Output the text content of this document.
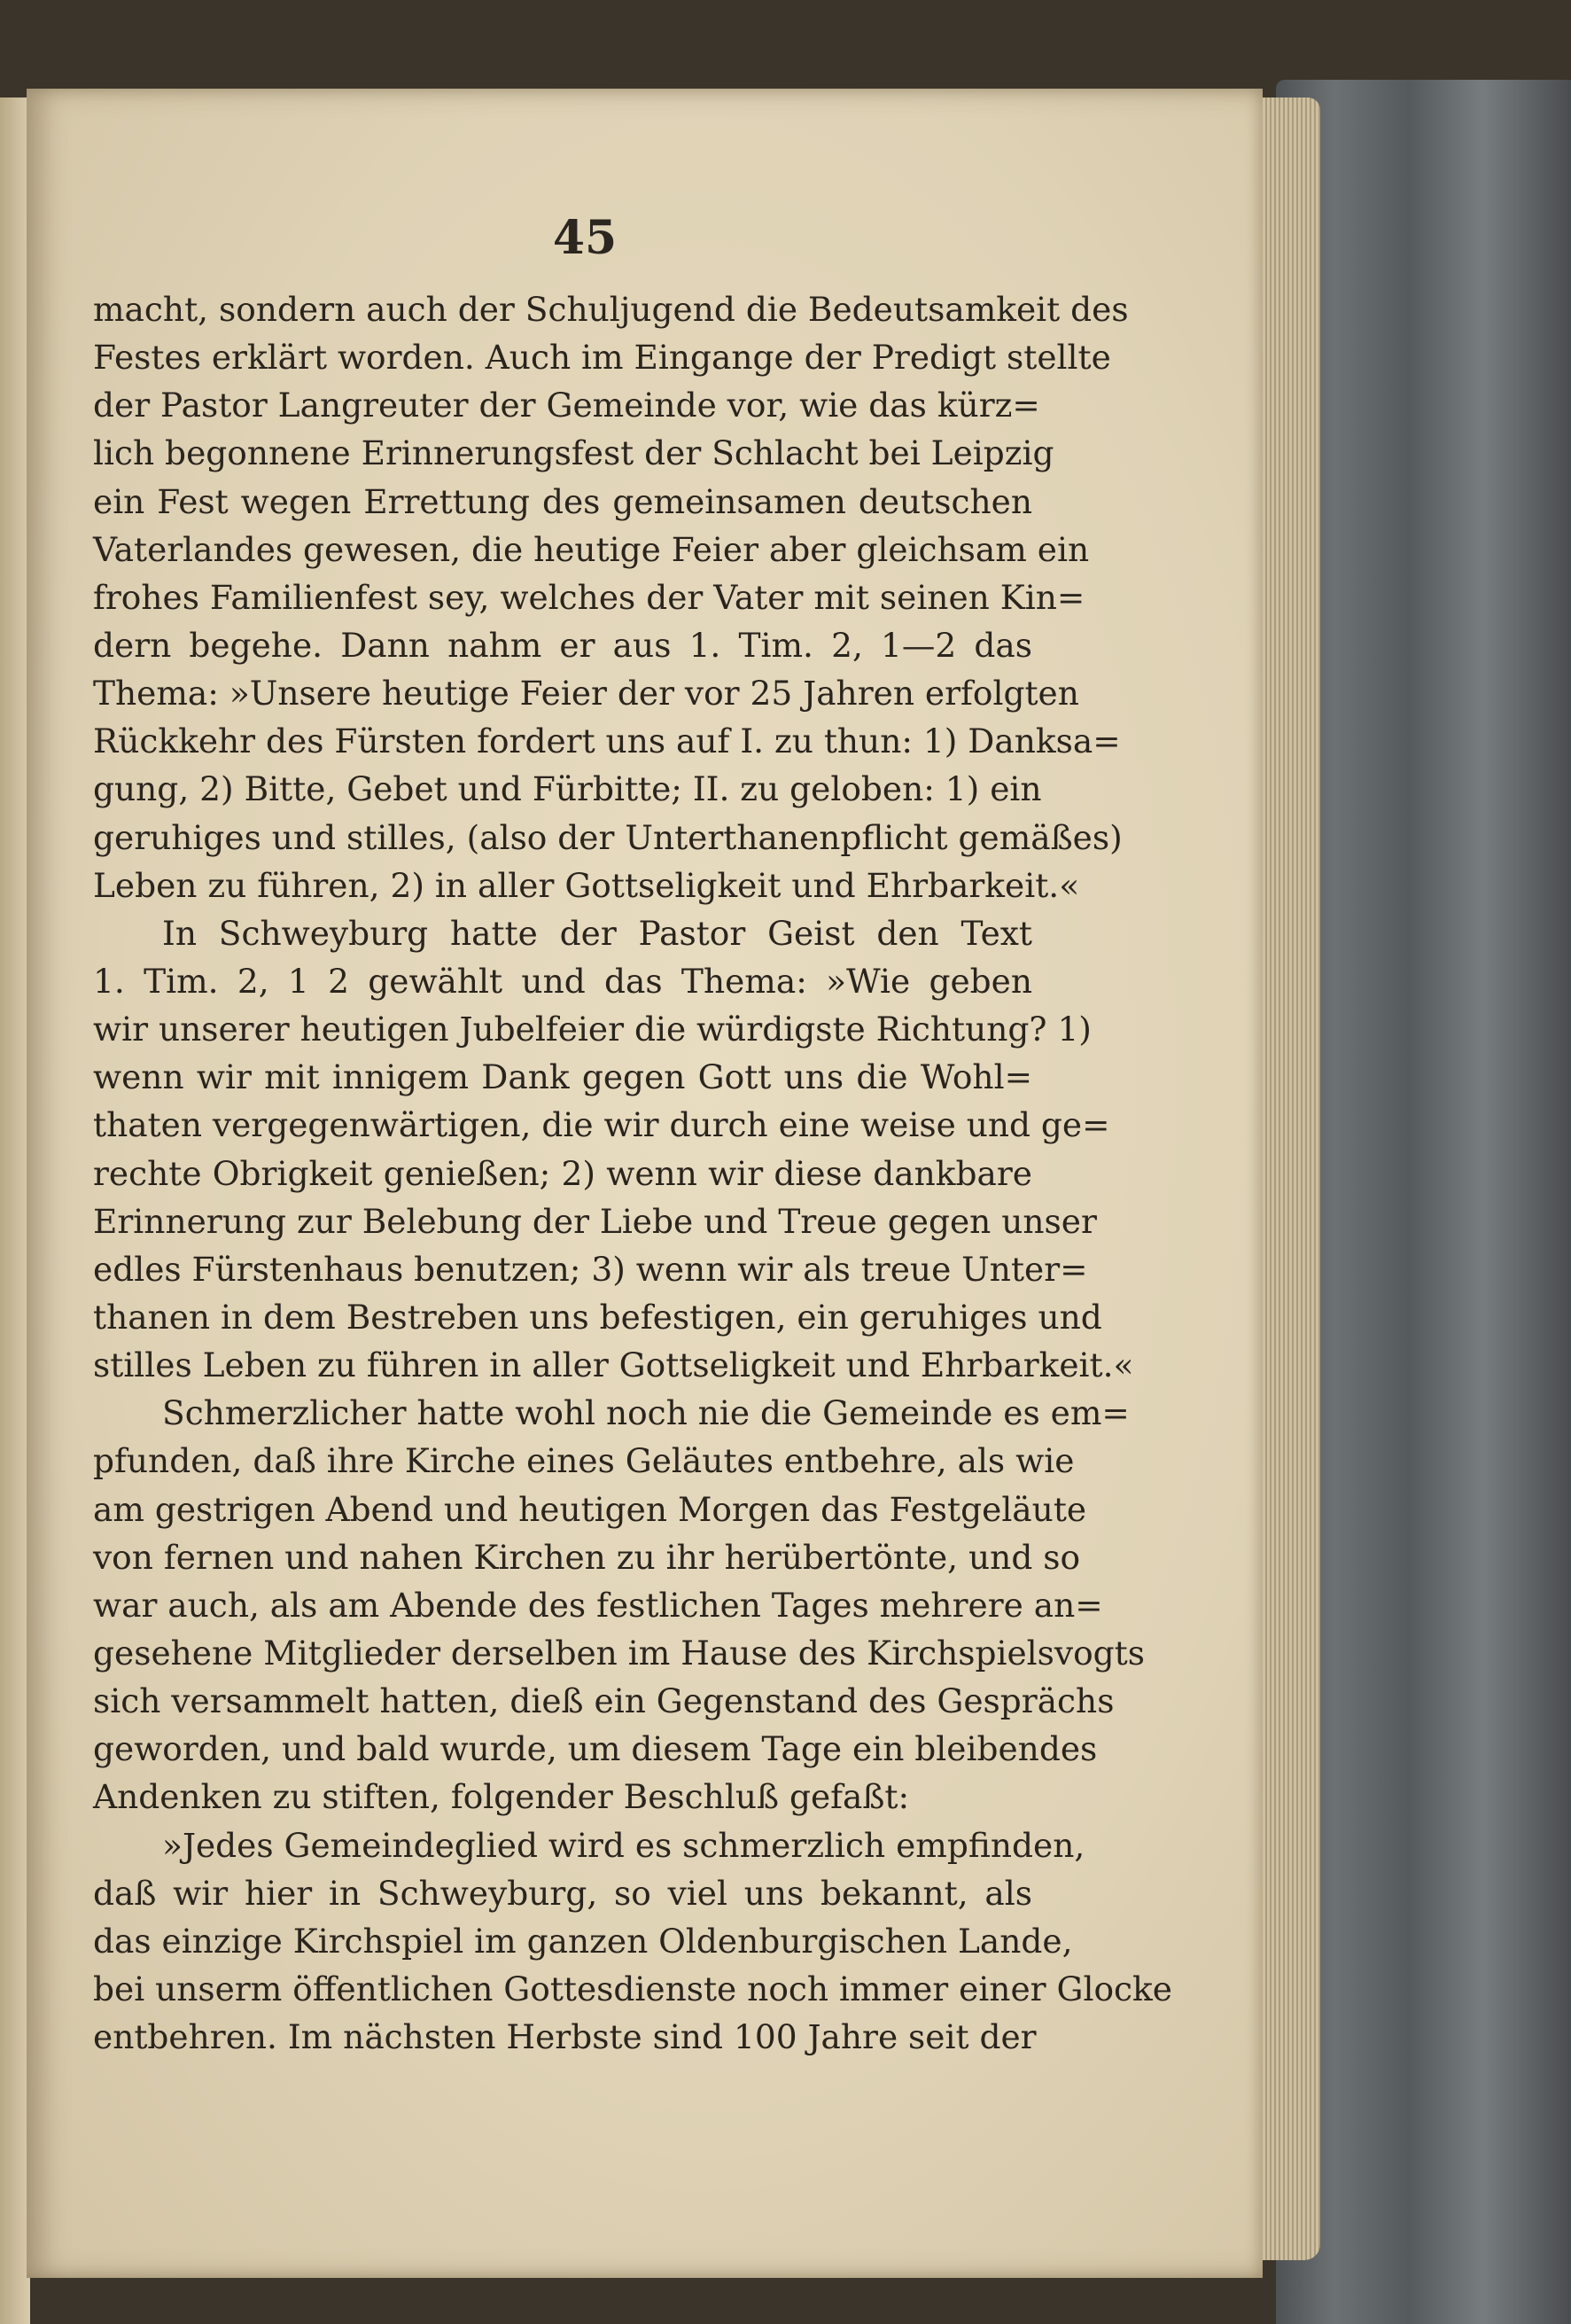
45
macht, sondern auch der Schuljugend die Bedeutsamkeit des
Festes erklärt worden. Auch im Eingange der Predigt stellte
der Pastor Langreuter der Gemeinde vor, wie das kürz=
lich begonnene Erinnerungsfest der Schlacht bei Leipzig
ein Fest wegen Errettung des gemeinsamen deutschen
Vaterlandes gewesen, die heutige Feier aber gleichsam ein
frohes Familienfest sey, welches der Vater mit seinen Kin=
dern begehe. Dann nahm er aus 1. Tim. 2, 1—2 das
Thema: »Unsere heutige Feier der vor 25 Jahren erfolgten
Rückkehr des Fürsten fordert uns auf I. zu thun: 1) Danksa=
gung, 2) Bitte, Gebet und Fürbitte; II. zu geloben: 1) ein
geruhiges und stilles, (also der Unterthanenpflicht gemäßes)
Leben zu führen, 2) in aller Gottseligkeit und Ehrbarkeit.«
In Schweyburg hatte der Pastor Geist den Text
1. Tim. 2, 1 2 gewählt und das Thema: »Wie geben
wir unserer heutigen Jubelfeier die würdigste Richtung? 1)
wenn wir mit innigem Dank gegen Gott uns die Wohl=
thaten vergegenwärtigen, die wir durch eine weise und ge=
rechte Obrigkeit genießen; 2) wenn wir diese dankbare
Erinnerung zur Belebung der Liebe und Treue gegen unser
edles Fürstenhaus benutzen; 3) wenn wir als treue Unter=
thanen in dem Bestreben uns befestigen, ein geruhiges und
stilles Leben zu führen in aller Gottseligkeit und Ehrbarkeit.«
Schmerzlicher hatte wohl noch nie die Gemeinde es em=
pfunden, daß ihre Kirche eines Geläutes entbehre, als wie
am gestrigen Abend und heutigen Morgen das Festgeläute
von fernen und nahen Kirchen zu ihr herübertönte, und so
war auch, als am Abende des festlichen Tages mehrere an=
gesehene Mitglieder derselben im Hause des Kirchspielsvogts
sich versammelt hatten, dieß ein Gegenstand des Gesprächs
geworden, und bald wurde, um diesem Tage ein bleibendes
Andenken zu stiften, folgender Beschluß gefaßt:
»Jedes Gemeindeglied wird es schmerzlich empfinden,
daß wir hier in Schweyburg, so viel uns bekannt, als
das einzige Kirchspiel im ganzen Oldenburgischen Lande,
bei unserm öffentlichen Gottesdienste noch immer einer Glocke
entbehren. Im nächsten Herbste sind 100 Jahre seit der
